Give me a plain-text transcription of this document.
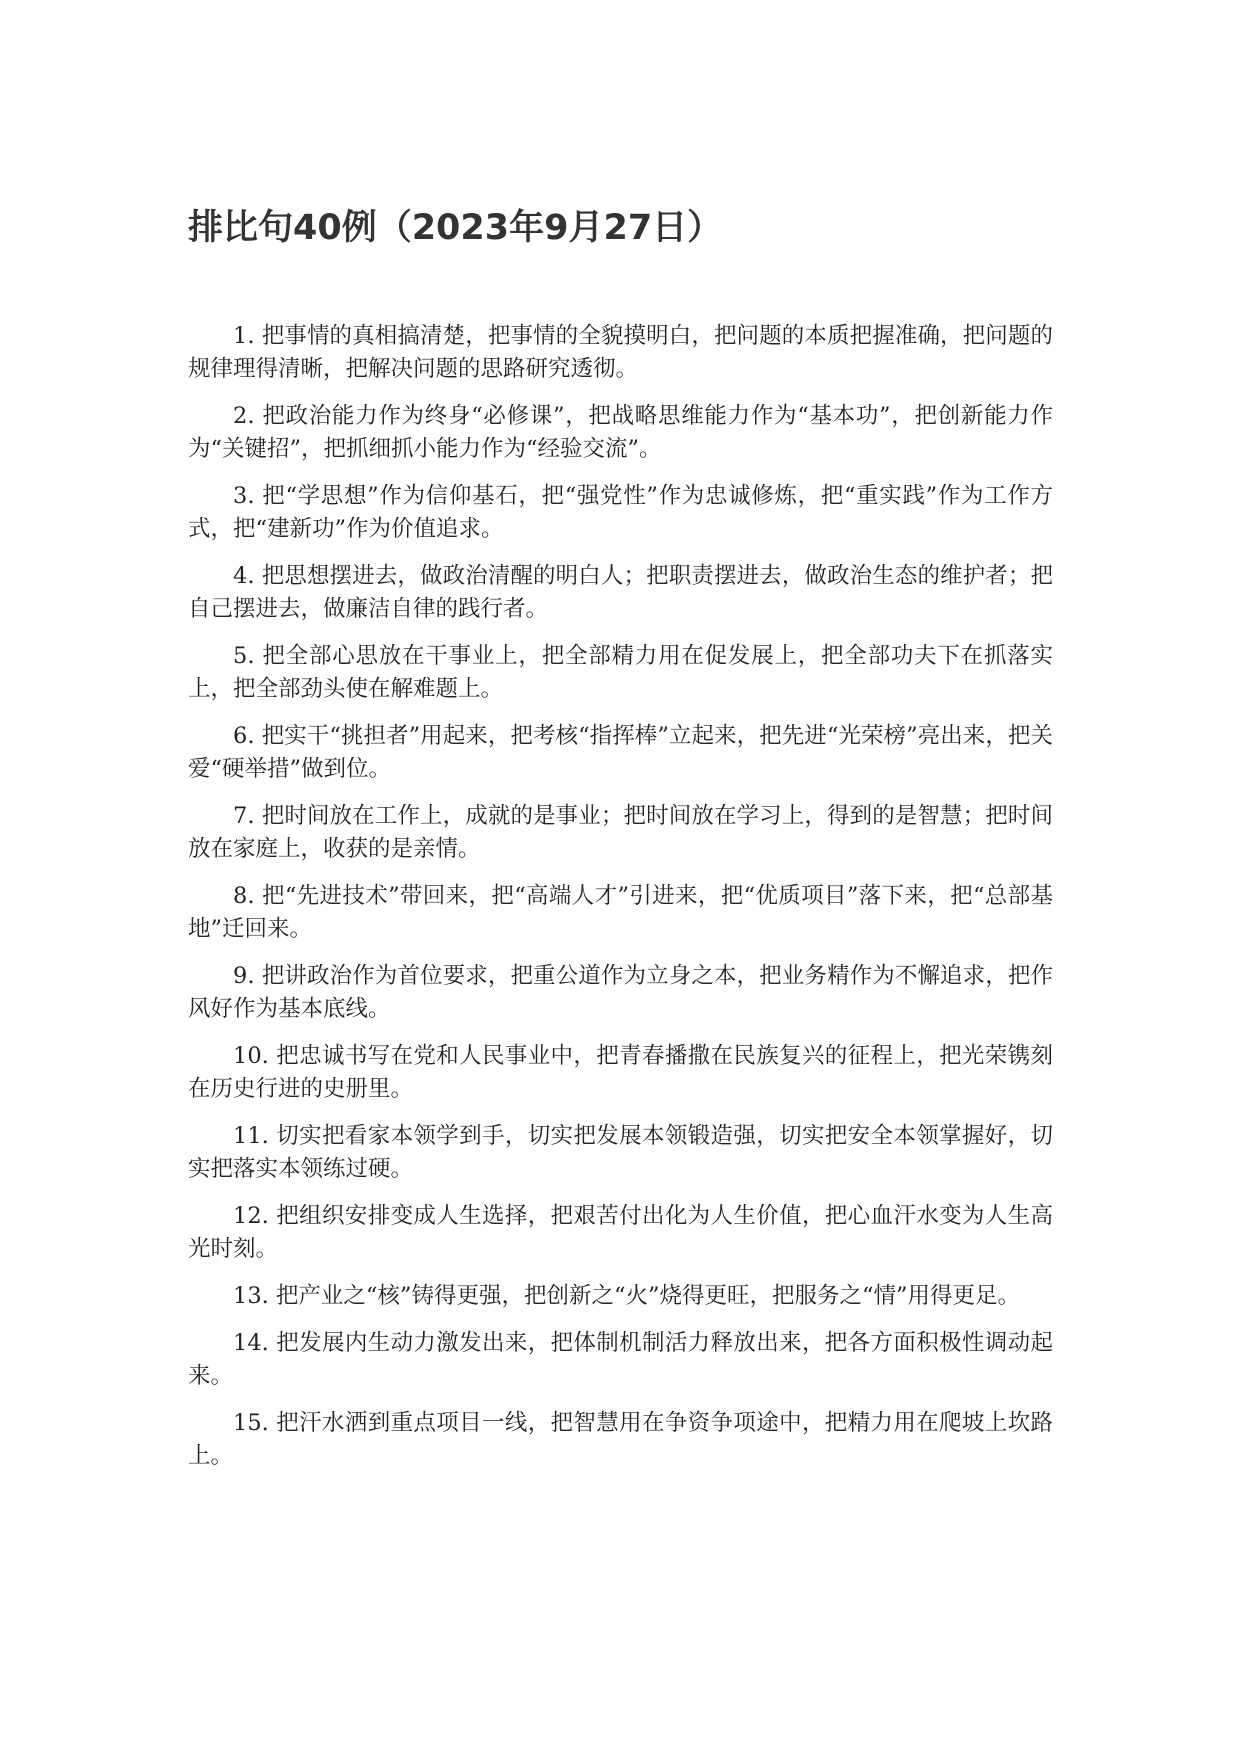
排比句40例（2023年9月27日）

1. 把事情的真相搞清楚，把事情的全貌摸明白，把问题的本质把握准确，把问题的规律理得清晰，把解决问题的思路研究透彻。

2. 把政治能力作为终身“必修课”，把战略思维能力作为“基本功”，把创新能力作为“关键招”，把抓细抓小能力作为“经验交流”。

3. 把“学思想”作为信仰基石，把“强党性”作为忠诚修炼，把“重实践”作为工作方式，把“建新功”作为价值追求。

4. 把思想摆进去，做政治清醒的明白人；把职责摆进去，做政治生态的维护者；把自己摆进去，做廉洁自律的践行者。

5. 把全部心思放在干事业上，把全部精力用在促发展上，把全部功夫下在抓落实上，把全部劲头使在解难题上。

6. 把实干“挑担者”用起来，把考核“指挥棒”立起来，把先进“光荣榜”亮出来，把关爱“硬举措”做到位。

7. 把时间放在工作上，成就的是事业；把时间放在学习上，得到的是智慧；把时间放在家庭上，收获的是亲情。

8. 把“先进技术”带回来，把“高端人才”引进来，把“优质项目”落下来，把“总部基地”迁回来。

9. 把讲政治作为首位要求，把重公道作为立身之本，把业务精作为不懈追求，把作风好作为基本底线。

10. 把忠诚书写在党和人民事业中，把青春播撒在民族复兴的征程上，把光荣镌刻在历史行进的史册里。

11. 切实把看家本领学到手，切实把发展本领锻造强，切实把安全本领掌握好，切实把落实本领练过硬。

12. 把组织安排变成人生选择，把艰苦付出化为人生价值，把心血汗水变为人生高光时刻。

13. 把产业之“核”铸得更强，把创新之“火”烧得更旺，把服务之“情”用得更足。

14. 把发展内生动力激发出来，把体制机制活力释放出来，把各方面积极性调动起来。

15. 把汗水洒到重点项目一线，把智慧用在争资争项途中，把精力用在爬坡上坎路上。
